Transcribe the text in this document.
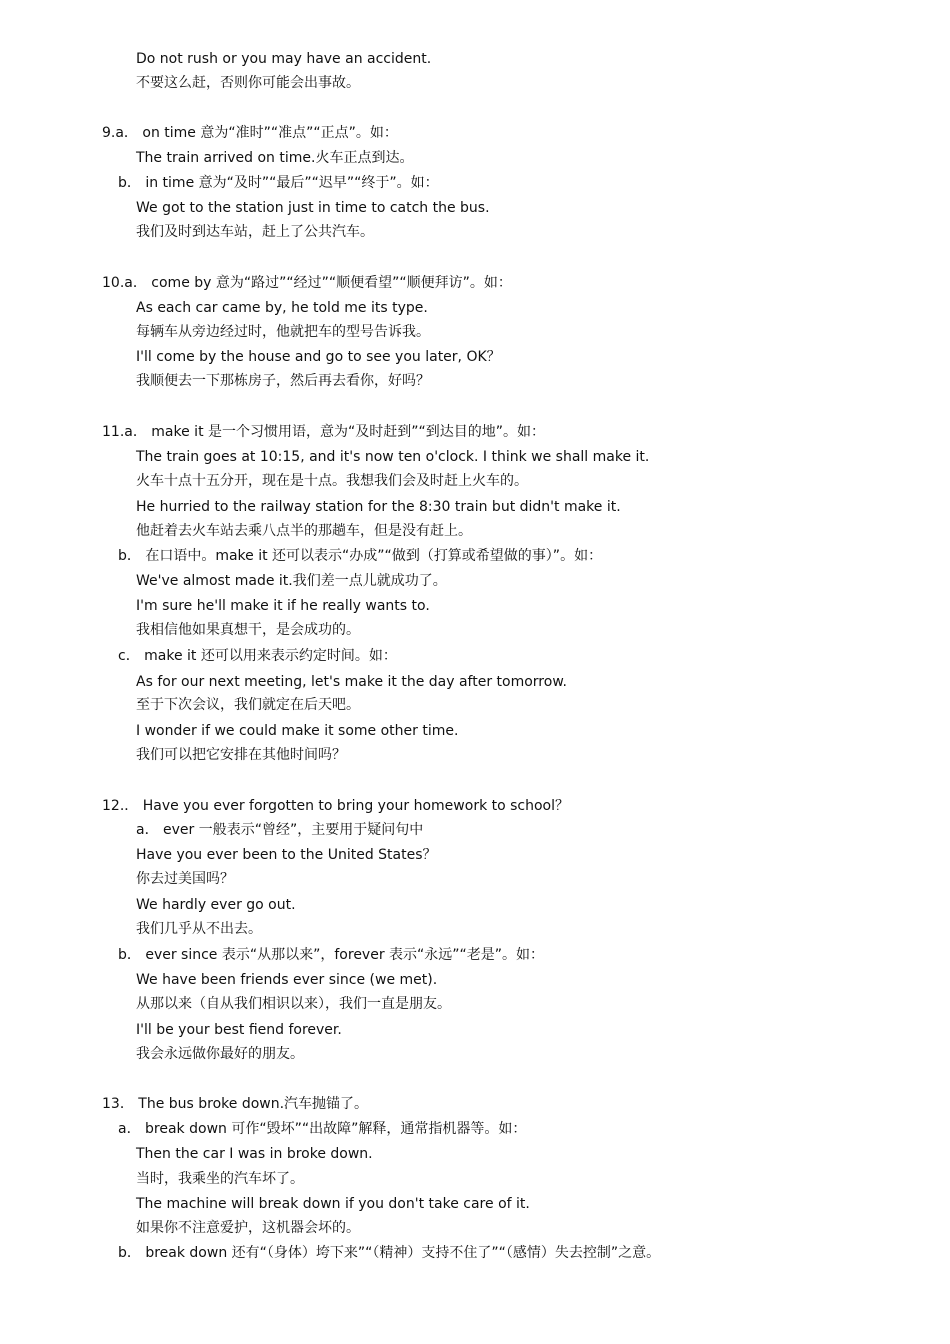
Do not rush or you may have an accident.
不要这么赶，否则你可能会出事故。
9.a． on time 意为“准时”“准点”“正点”。如：
The train arrived on time.火车正点到达。
b． in time 意为“及时”“最后”“迟早”“终于”。如：
We got to the station just in time to catch the bus.
我们及时到达车站，赶上了公共汽车。
10.a． come by 意为“路过”“经过”“顺便看望”“顺便拜访”。如：
As each car came by, he told me its type.
每辆车从旁边经过时，他就把车的型号告诉我。
I'll come by the house and go to see you later, OK？
我顺便去一下那栋房子，然后再去看你，好吗？
11.a． make it 是一个习惯用语，意为“及时赶到”“到达目的地”。如：
The train goes at 10:15, and it's now ten o'clock. I think we shall make it.
火车十点十五分开，现在是十点。我想我们会及时赶上火车的。
He hurried to the railway station for the 8:30 train but didn't make it.
他赶着去火车站去乘八点半的那趟车，但是没有赶上。
b． 在口语中。make it 还可以表示“办成”“做到（打算或希望做的事）”。如：
We've almost made it.我们差一点儿就成功了。
I'm sure he'll make it if he really wants to.
我相信他如果真想干，是会成功的。
c． make it 还可以用来表示约定时间。如：
As for our next meeting, let's make it the day after tomorrow.
至于下次会议，我们就定在后天吧。
I wonder if we could make it some other time.
我们可以把它安排在其他时间吗？
12.． Have you ever forgotten to bring your homework to school？
a． ever 一般表示“曾经”，主要用于疑问句中
Have you ever been to the United States？
你去过美国吗？
We hardly ever go out.
我们几乎从不出去。
b． ever since 表示“从那以来”，forever 表示“永远”“老是”。如：
We have been friends ever since (we met).
从那以来（自从我们相识以来），我们一直是朋友。
I'll be your best fiend forever.
我会永远做你最好的朋友。
13． The bus broke down.汽车抛锚了。
a． break down 可作“毁坏”“出故障”解释，通常指机器等。如：
Then the car I was in broke down.
当时，我乘坐的汽车坏了。
The machine will break down if you don't take care of it.
如果你不注意爱护，这机器会坏的。
b． break down 还有“（身体）垮下来”“（精神）支持不住了”“（感情）失去控制”之意。
